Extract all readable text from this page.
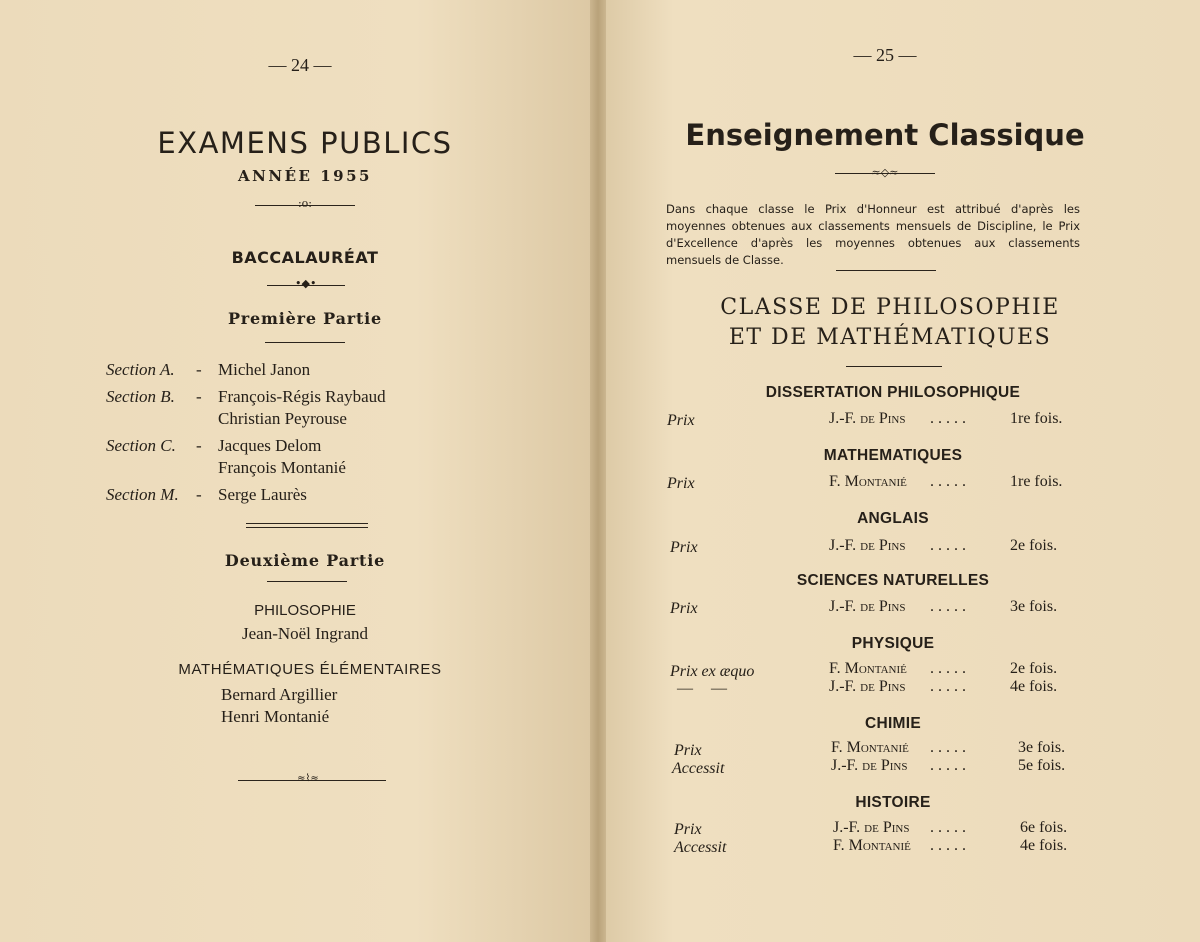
— 24 —
EXAMENS PUBLICS
ANNÉE 1955
:o:
BACCALAURÉAT
•◆•
Première Partie
Section A. - Michel Janon
Section B. - François-Régis Raybaud
Christian Peyrouse
Section C. - Jacques Delom
François Montanié
Section M. - Serge Laurès
Deuxième Partie
PHILOSOPHIE
Jean-Noël Ingrand
MATHÉMATIQUES ÉLÉMENTAIRES
Bernard Argillier
Henri Montanié
≈⌇≈
— 25 —
Enseignement Classique
≈◇≈
Dans chaque classe le Prix d'Honneur est attribué d'après les moyennes obtenues aux classements mensuels de Discipline, le Prix d'Excellence d'après les moyennes obtenues aux classements mensuels de Classe.
CLASSE DE PHILOSOPHIE
ET DE MATHÉMATIQUES
DISSERTATION PHILOSOPHIQUE
Prix	J.-F. de Pins . . . . .	1re fois.
MATHEMATIQUES
Prix	F. Montanié . . . . .	1re fois.
ANGLAIS
Prix	J.-F. de Pins . . . . .	2e fois.
SCIENCES NATURELLES
Prix	J.-F. de Pins . . . . .	3e fois.
PHYSIQUE
Prix ex æquo	F. Montanié . . . . .	2e fois.
— —	J.-F. de Pins . . . . .	4e fois.
CHIMIE
Prix	F. Montanié . . . . .	3e fois.
Accessit	J.-F. de Pins . . . . .	5e fois.
HISTOIRE
Prix	J.-F. de Pins . . . . .	6e fois.
Accessit	F. Montanié . . . . .	4e fois.
